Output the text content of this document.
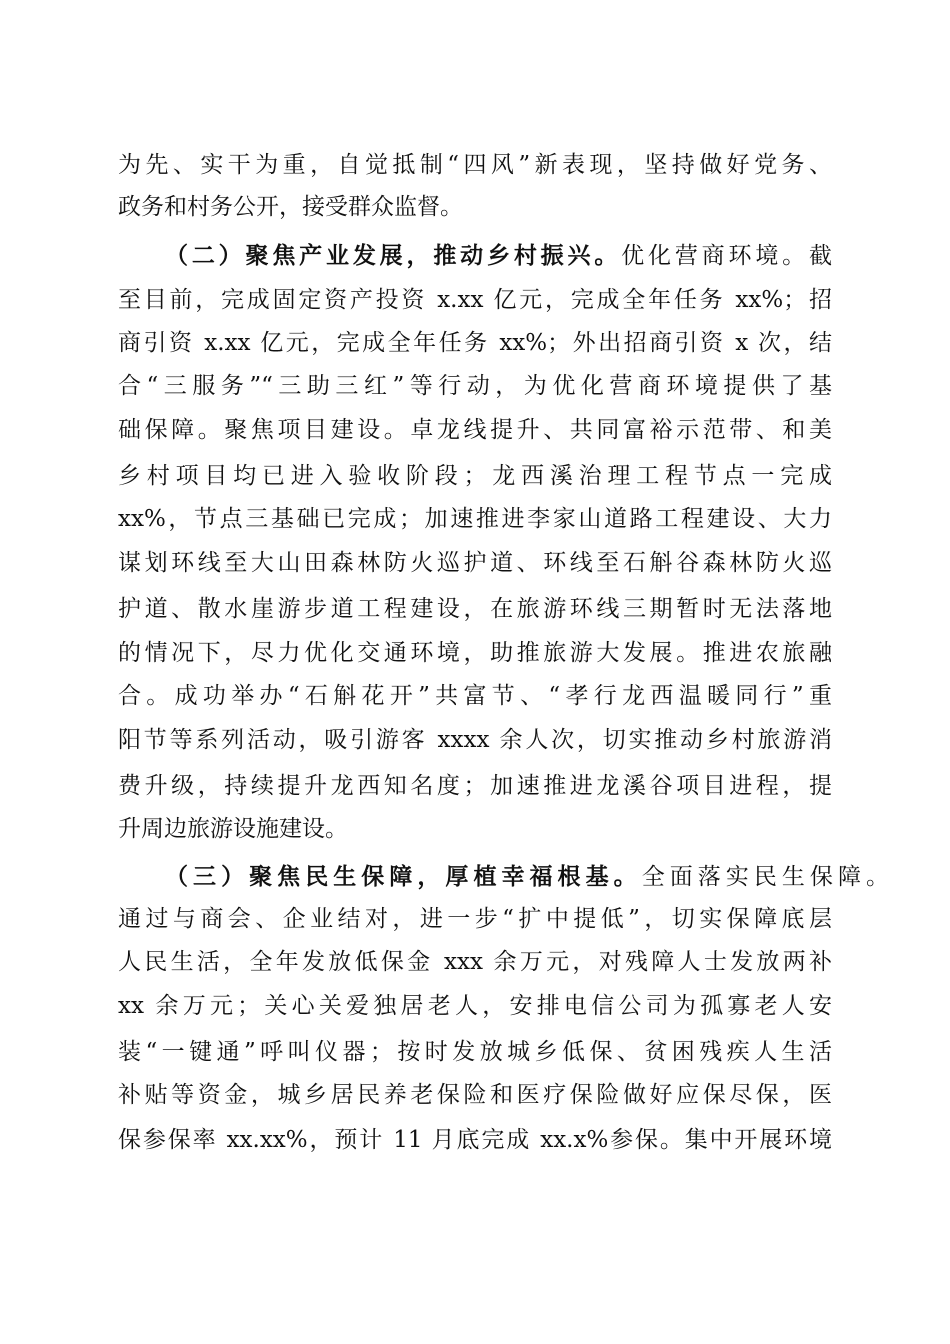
为先、实干为重，自觉抵制“四风”新表现，坚持做好党务、
政务和村务公开，接受群众监督。
（二）聚焦产业发展，推动乡村振兴。优化营商环境。截
至目前，完成固定资产投资 x.xx 亿元，完成全年任务 xx%；招
商引资 x.xx 亿元，完成全年任务 xx%；外出招商引资 x 次，结
合“三服务”“三助三红”等行动，为优化营商环境提供了基
础保障。聚焦项目建设。卓龙线提升、共同富裕示范带、和美
乡村项目均已进入验收阶段；龙西溪治理工程节点一完成
xx%，节点三基础已完成；加速推进李家山道路工程建设、大力
谋划环线至大山田森林防火巡护道、环线至石斛谷森林防火巡
护道、散水崖游步道工程建设，在旅游环线三期暂时无法落地
的情况下，尽力优化交通环境，助推旅游大发展。推进农旅融
合。成功举办“石斛花开”共富节、“孝行龙西温暖同行”重
阳节等系列活动，吸引游客 xxxx 余人次，切实推动乡村旅游消
费升级，持续提升龙西知名度；加速推进龙溪谷项目进程，提
升周边旅游设施建设。
（三）聚焦民生保障，厚植幸福根基。全面落实民生保障。
通过与商会、企业结对，进一步“扩中提低”，切实保障底层
人民生活，全年发放低保金 xxx 余万元，对残障人士发放两补
xx 余万元；关心关爱独居老人，安排电信公司为孤寡老人安
装“一键通”呼叫仪器；按时发放城乡低保、贫困残疾人生活
补贴等资金，城乡居民养老保险和医疗保险做好应保尽保，医
保参保率 xx.xx%，预计 11 月底完成 xx.x%参保。集中开展环境
